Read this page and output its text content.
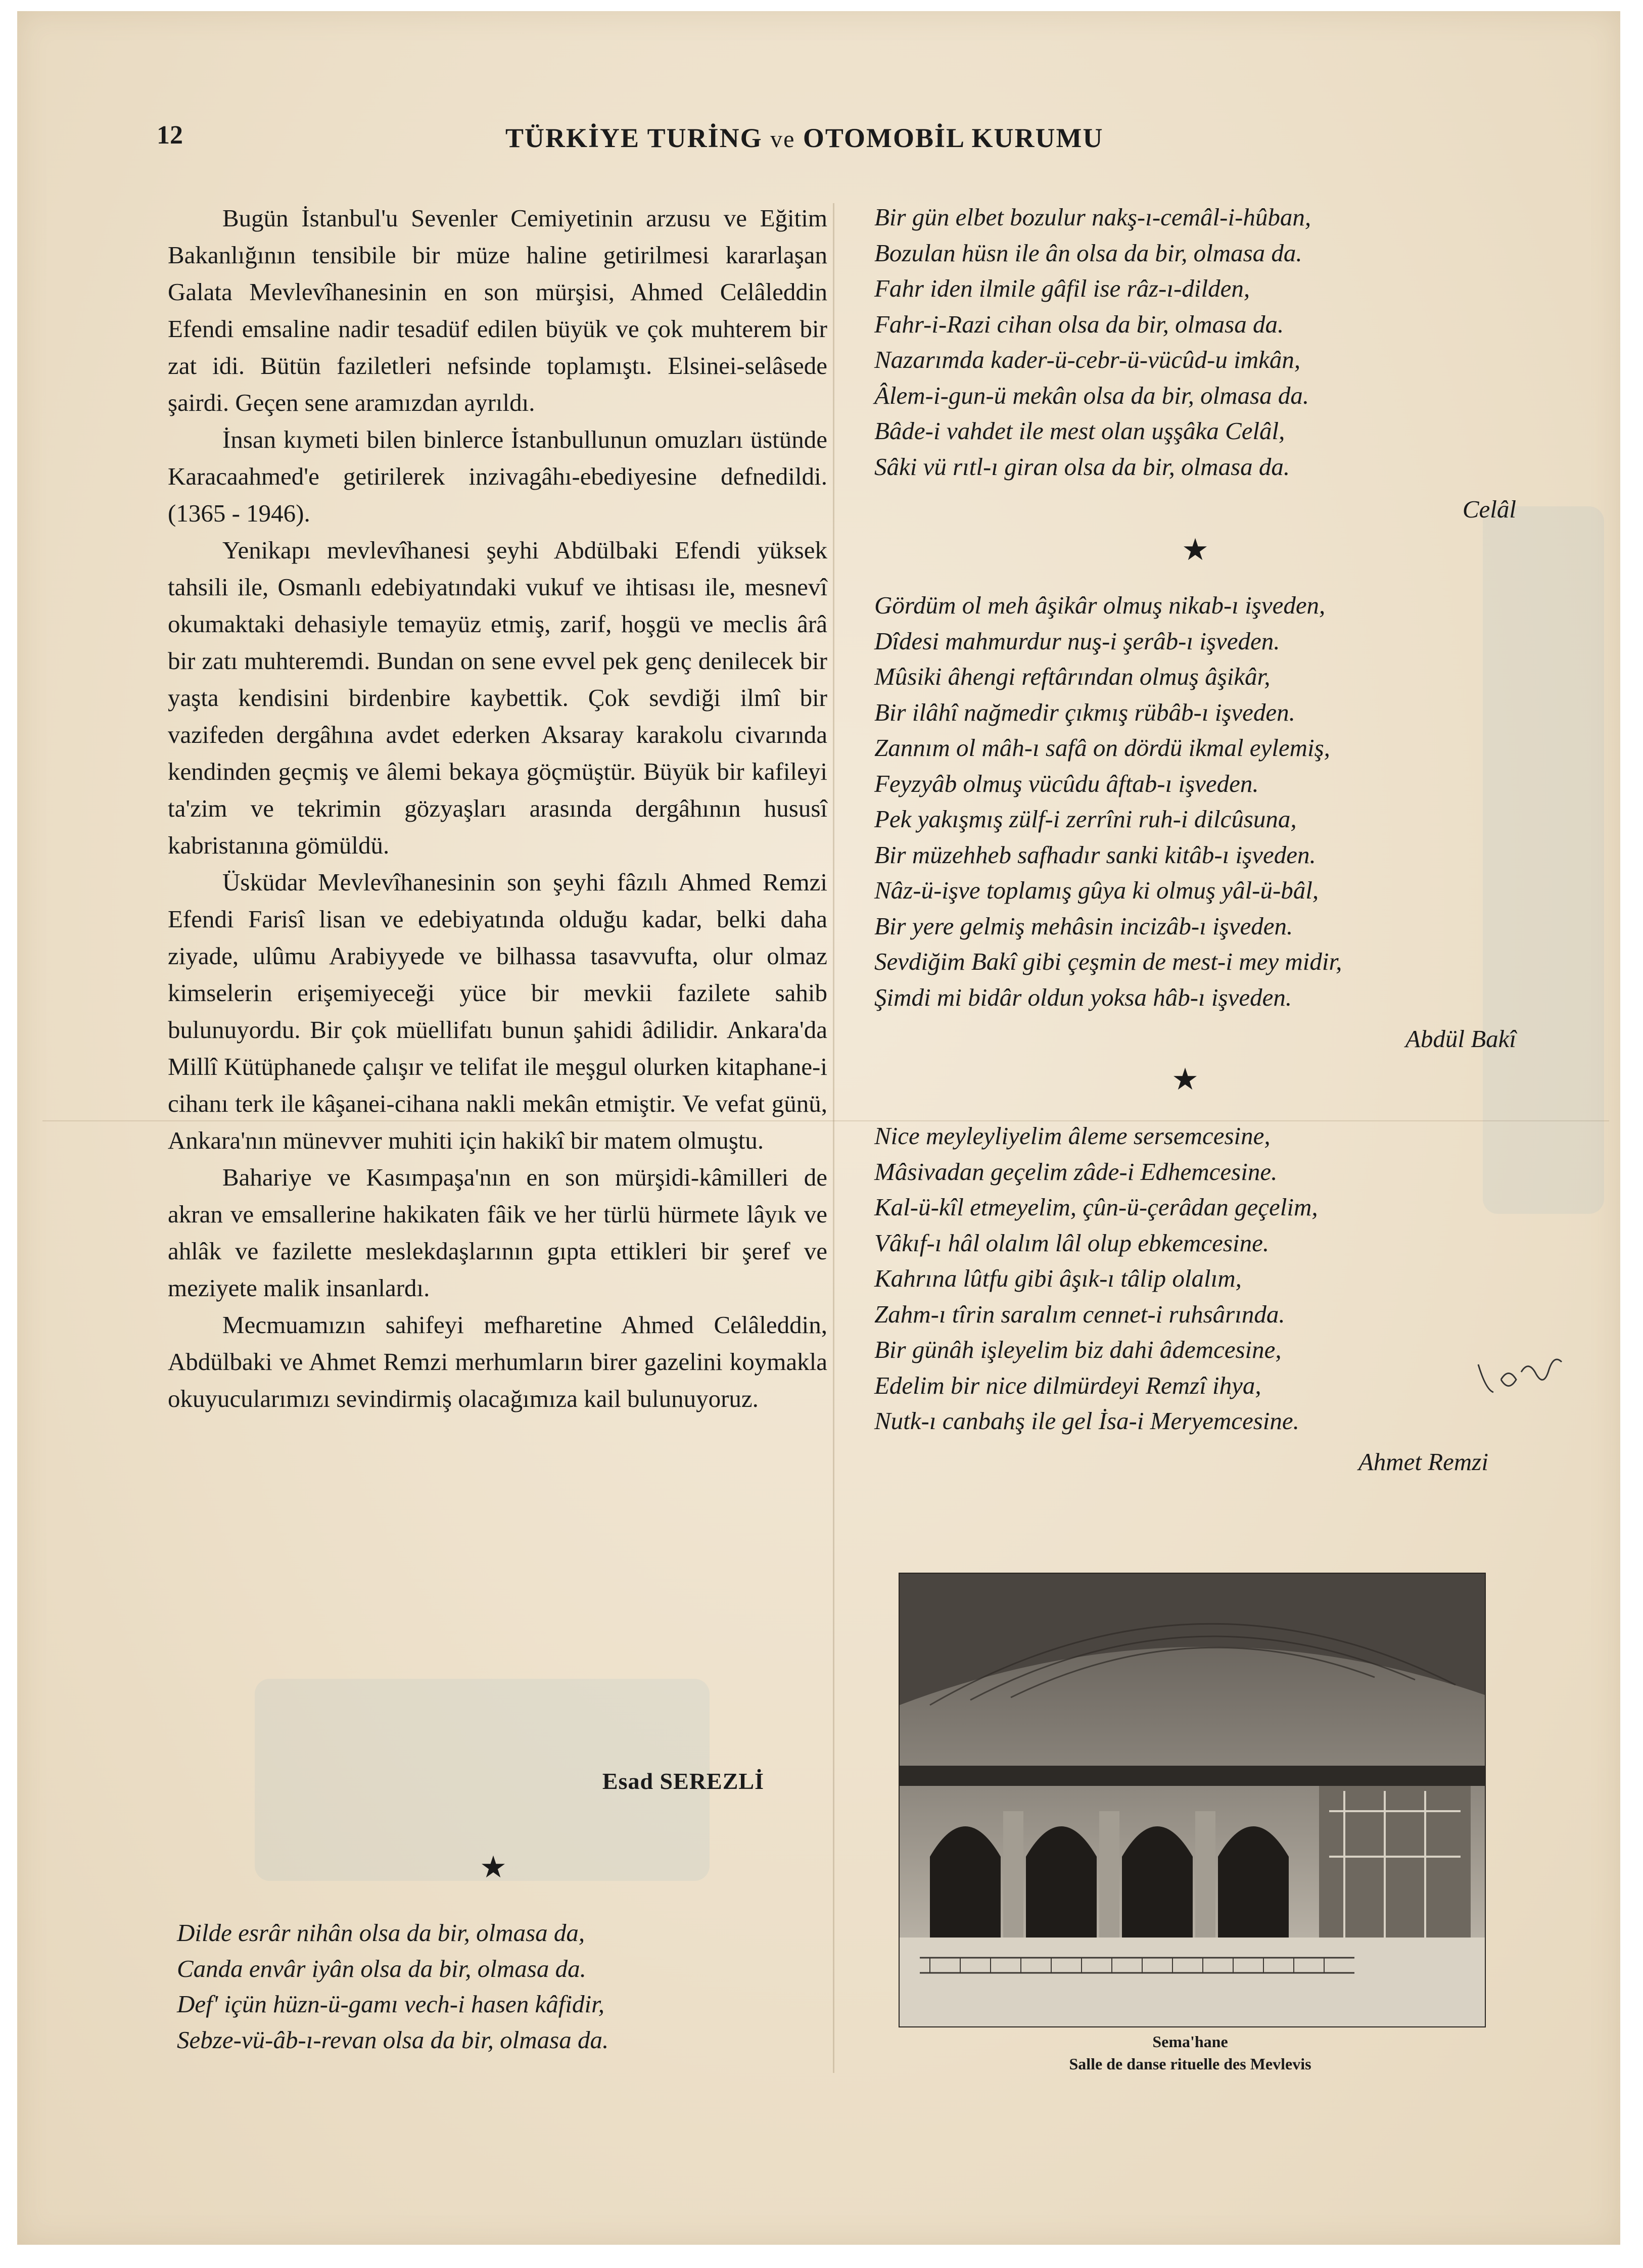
12	TÜRKİYE TURİNG ve OTOMOBİL KURUMU

Bugün İstanbul'u Sevenler Cemiyetinin arzusu ve Eğitim Bakanlığının tensibile bir müze haline getirilmesi kararlaşan Galata Mevlevîhanesinin en son mürşisi, Ahmed Celâleddin Efendi emsaline nadir tesadüf edilen büyük ve çok muhterem bir zat idi. Bütün faziletleri nefsinde toplamıştı. Elsinei-selâsede şairdi. Geçen sene aramızdan ayrıldı.

İnsan kıymeti bilen binlerce İstanbullunun omuzları üstünde Karacaahmed'e getirilerek inzivagâhı-ebediyesine defnedildi. (1365 - 1946).

Yenikapı mevlevîhanesi şeyhi Abdülbaki Efendi yüksek tahsili ile, Osmanlı edebiyatındaki vukuf ve ihtisası ile, mesnevî okumaktaki dehasiyle temayüz etmiş, zarif, hoşgü ve meclis ârâ bir zatı muhteremdi. Bundan on sene evvel pek genç denilecek bir yaşta kendisini birdenbire kaybettik. Çok sevdiği ilmî bir vazifeden dergâhına avdet ederken Aksaray karakolu civarında kendinden geçmiş ve âlemi bekaya göçmüştür. Büyük bir kafileyi ta'zim ve tekrimin gözyaşları arasında dergâhının hususî kabristanına gömüldü.

Üsküdar Mevlevîhanesinin son şeyhi fâzılı Ahmed Remzi Efendi Farisî lisan ve edebiyatında olduğu kadar, belki daha ziyade, ulûmu Arabiyyede ve bilhassa tasavvufta, olur olmaz kimselerin erişemiyeceği yüce bir mevkii fazilete sahib bulunuyordu. Bir çok müellifatı bunun şahidi âdilidir. Ankara'da Millî Kütüphanede çalışır ve telifat ile meşgul olurken kitaphane-i cihanı terk ile kâşanei-cihana nakli mekân etmiştir. Ve vefat günü, Ankara'nın münevver muhiti için hakikî bir matem olmuştu.

Bahariye ve Kasımpaşa'nın en son mürşidi-kâmilleri de akran ve emsallerine hakikaten fâik ve her türlü hürmete lâyık ve ahlâk ve fazilette meslekdaşlarının gıpta ettikleri bir şeref ve meziyete malik insanlardı.

Mecmuamızın sahifeyi mefharetine Ahmed Celâleddin, Abdülbaki ve Ahmet Remzi merhumların birer gazelini koymakla okuyucularımızı sevindirmiş olacağımıza kail bulunuyoruz.

Esad SEREZLİ
★
Dilde esrâr nihân olsa da bir, olmasa da,
Canda envâr iyân olsa da bir, olmasa da.
Def' içün hüzn-ü-gamı vech-i hasen kâfidir,
Sebze-vü-âb-ı-revan olsa da bir, olmasa da.
Bir gün elbet bozulur nakş-ı-cemâl-i-hûban,
Bozulan hüsn ile ân olsa da bir, olmasa da.
Fahr iden ilmile gâfil ise râz-ı-dilden,
Fahr-i-Razi cihan olsa da bir, olmasa da.
Nazarımda kader-ü-cebr-ü-vücûd-u imkân,
Âlem-i-gun-ü mekân olsa da bir, olmasa da.
Bâde-i vahdet ile mest olan uşşâka Celâl,
Sâki vü rıtl-ı giran olsa da bir, olmasa da.
Celâl
★
Gördüm ol meh âşikâr olmuş nikab-ı işveden,
Dîdesi mahmurdur nuş-i şerâb-ı işveden.
Mûsiki âhengi reftârından olmuş âşikâr,
Bir ilâhî nağmedir çıkmış rübâb-ı işveden.
Zannım ol mâh-ı safâ on dördü ikmal eylemiş,
Feyzyâb olmuş vücûdu âftab-ı işveden.
Pek yakışmış zülf-i zerrîni ruh-i dilcûsuna,
Bir müzehheb safhadır sanki kitâb-ı işveden.
Nâz-ü-işve toplamış gûya ki olmuş yâl-ü-bâl,
Bir yere gelmiş mehâsin incizâb-ı işveden.
Sevdiğim Bakî gibi çeşmin de mest-i mey midir,
Şimdi mi bidâr oldun yoksa hâb-ı işveden.
Abdül Bakî
★
Nice meyleyliyelim âleme sersemcesine,
Mâsivadan geçelim zâde-i Edhemcesine.
Kal-ü-kîl etmeyelim, çûn-ü-çerâdan geçelim,
Vâkıf-ı hâl olalım lâl olup ebkemcesine.
Kahrına lûtfu gibi âşık-ı tâlip olalım,
Zahm-ı tîrin saralım cennet-i ruhsârında.
Bir günâh işleyelim biz dahi âdemcesine,
Edelim bir nice dilmürdeyi Remzî ihya,
Nutk-ı canbahş ile gel İsa-i Meryemcesine.
Ahmet Remzi
Sema'hane
Salle de danse rituelle des Mevlevis
